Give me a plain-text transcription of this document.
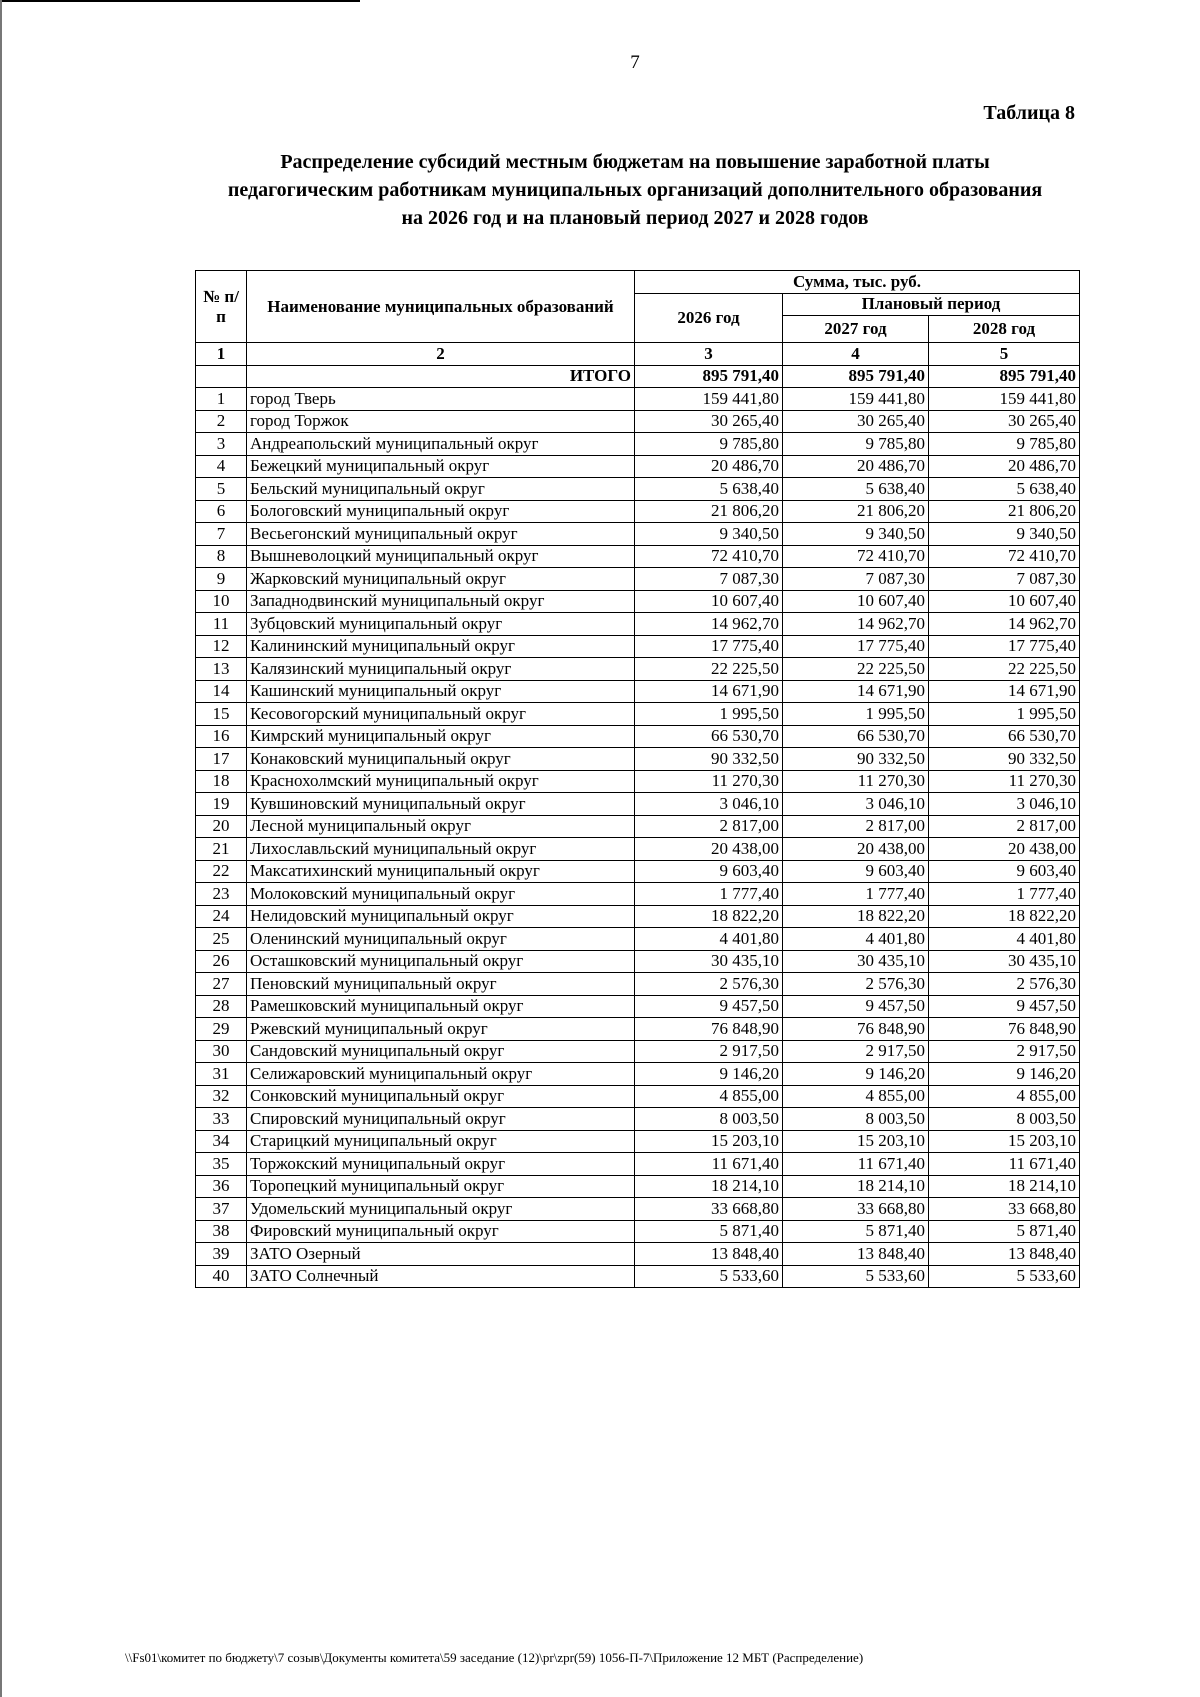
7
Таблица 8
Распределение субсидий местным бюджетам на повышение заработной платы
педагогическим работникам муниципальных организаций дополнительного образования
на 2026 год и на плановый период 2027 и 2028 годов
№ п/п	Наименование муниципальных образований	Сумма, тыс. руб.		
		2026 год	Плановый период	
			2027 год	2028 год
1	2	3	4	5
	ИТОГО	895 791,40	895 791,40	895 791,40
1	город Тверь	159 441,80	159 441,80	159 441,80
2	город Торжок	30 265,40	30 265,40	30 265,40
3	Андреапольский муниципальный округ	9 785,80	9 785,80	9 785,80
4	Бежецкий муниципальный округ	20 486,70	20 486,70	20 486,70
5	Бельский муниципальный округ	5 638,40	5 638,40	5 638,40
6	Бологовский муниципальный округ	21 806,20	21 806,20	21 806,20
7	Весьегонский муниципальный округ	9 340,50	9 340,50	9 340,50
8	Вышневолоцкий муниципальный округ	72 410,70	72 410,70	72 410,70
9	Жарковский муниципальный округ	7 087,30	7 087,30	7 087,30
10	Западнодвинский муниципальный округ	10 607,40	10 607,40	10 607,40
11	Зубцовский муниципальный округ	14 962,70	14 962,70	14 962,70
12	Калининский муниципальный округ	17 775,40	17 775,40	17 775,40
13	Калязинский муниципальный округ	22 225,50	22 225,50	22 225,50
14	Кашинский муниципальный округ	14 671,90	14 671,90	14 671,90
15	Кесовогорский муниципальный округ	1 995,50	1 995,50	1 995,50
16	Кимрский муниципальный округ	66 530,70	66 530,70	66 530,70
17	Конаковский муниципальный округ	90 332,50	90 332,50	90 332,50
18	Краснохолмский муниципальный округ	11 270,30	11 270,30	11 270,30
19	Кувшиновский муниципальный округ	3 046,10	3 046,10	3 046,10
20	Лесной муниципальный округ	2 817,00	2 817,00	2 817,00
21	Лихославльский муниципальный округ	20 438,00	20 438,00	20 438,00
22	Максатихинский муниципальный округ	9 603,40	9 603,40	9 603,40
23	Молоковский муниципальный округ	1 777,40	1 777,40	1 777,40
24	Нелидовский муниципальный округ	18 822,20	18 822,20	18 822,20
25	Оленинский муниципальный округ	4 401,80	4 401,80	4 401,80
26	Осташковский муниципальный округ	30 435,10	30 435,10	30 435,10
27	Пеновский муниципальный округ	2 576,30	2 576,30	2 576,30
28	Рамешковский муниципальный округ	9 457,50	9 457,50	9 457,50
29	Ржевский муниципальный округ	76 848,90	76 848,90	76 848,90
30	Сандовский муниципальный округ	2 917,50	2 917,50	2 917,50
31	Селижаровский муниципальный округ	9 146,20	9 146,20	9 146,20
32	Сонковский муниципальный округ	4 855,00	4 855,00	4 855,00
33	Спировский муниципальный округ	8 003,50	8 003,50	8 003,50
34	Старицкий муниципальный округ	15 203,10	15 203,10	15 203,10
35	Торжокский муниципальный округ	11 671,40	11 671,40	11 671,40
36	Торопецкий муниципальный округ	18 214,10	18 214,10	18 214,10
37	Удомельский муниципальный округ	33 668,80	33 668,80	33 668,80
38	Фировский муниципальный округ	5 871,40	5 871,40	5 871,40
39	ЗАТО Озерный	13 848,40	13 848,40	13 848,40
40	ЗАТО Солнечный	5 533,60	5 533,60	5 533,60
\\Fs01\комитет по бюджету\7 созыв\Документы комитета\59 заседание (12)\pr\zpr(59) 1056-П-7\Приложение 12 МБТ (Распределение)
